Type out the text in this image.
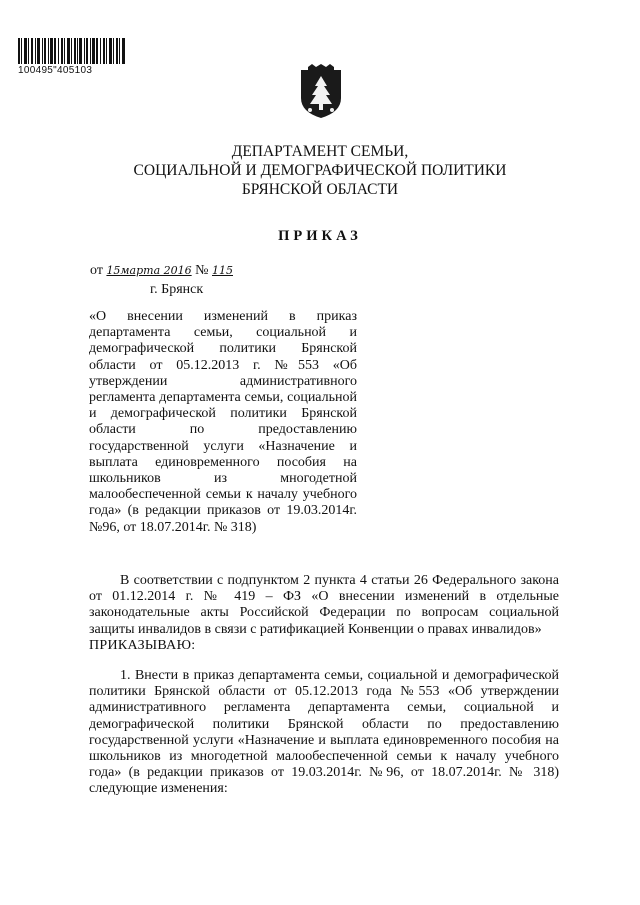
100495"405103
ДЕПАРТАМЕНТ СЕМЬИ,
СОЦИАЛЬНОЙ И ДЕМОГРАФИЧЕСКОЙ ПОЛИТИКИ
БРЯНСКОЙ ОБЛАСТИ
ПРИКАЗ
от 15марта 2016 № 115
г. Брянск
«О внесении изменений в приказ департамента семьи, социальной и демографической политики Брянской области от 05.12.2013 г. №553 «Об утверждении административного регламента департамента семьи, социальной и демографической политики Брянской области по предоставлению государственной услуги «Назначение и выплата единовременного пособия на школьников из многодетной малообеспеченной семьи к началу учебного года» (в редакции приказов от 19.03.2014г. №96, от 18.07.2014г. № 318)
В соответствии с подпунктом 2 пункта 4 статьи 26 Федерального закона от 01.12.2014 г. № 419 – ФЗ «О внесении изменений в отдельные законодательные акты Российской Федерации по вопросам социальной защиты инвалидов в связи с ратификацией Конвенции о правах инвалидов»
ПРИКАЗЫВАЮ:

1. Внести в приказ департамента семьи, социальной и демографической политики Брянской области от 05.12.2013 года №553 «Об утверждении административного регламента департамента семьи, социальной и демографической политики Брянской области по предоставлению государственной услуги «Назначение и выплата единовременного пособия на школьников из многодетной малообеспеченной семьи к началу учебного года» (в редакции приказов от 19.03.2014г. №96, от 18.07.2014г. № 318) следующие изменения:
